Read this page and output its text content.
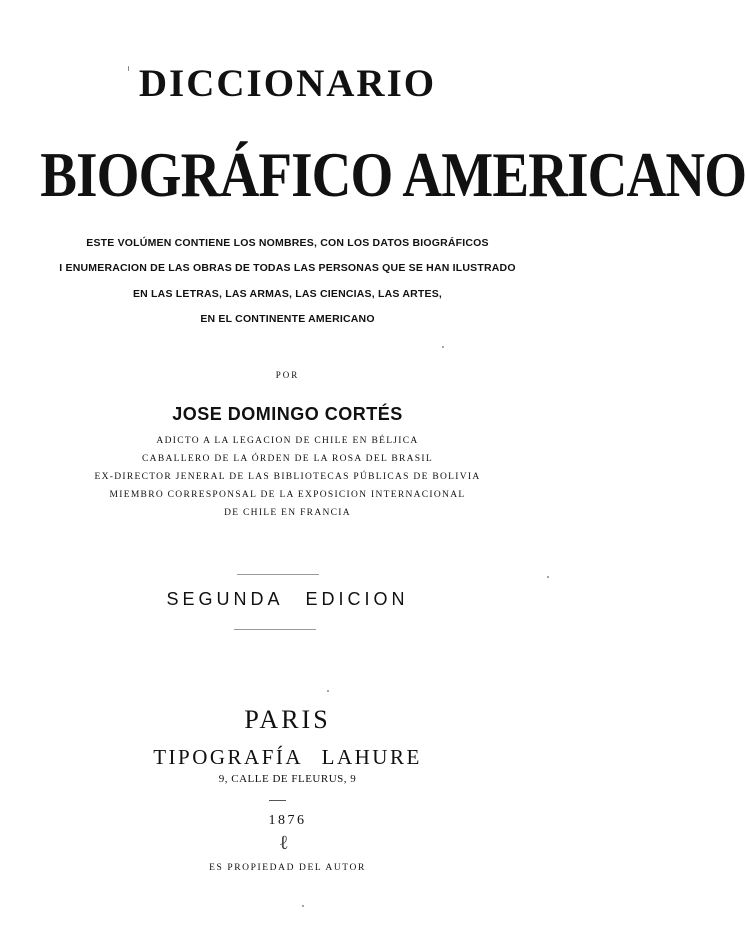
DICCIONARIO
BIOGRÁFICO AMERICANO

ESTE VOLÚMEN CONTIENE LOS NOMBRES, CON LOS DATOS BIOGRÁFICOS

I ENUMERACION DE LAS OBRAS DE TODAS LAS PERSONAS QUE SE HAN ILUSTRADO

EN LAS LETRAS, LAS ARMAS, LAS CIENCIAS, LAS ARTES,

EN EL CONTINENTE AMERICANO

POR

JOSE DOMINGO CORTÉS

ADICTO A LA LEGACION DE CHILE EN BÉLJICA

CABALLERO DE LA ÓRDEN DE LA ROSA DEL BRASIL

EX-DIRECTOR JENERAL DE LAS BIBLIOTECAS PÚBLICAS DE BOLIVIA

MIEMBRO CORRESPONSAL DE LA EXPOSICION INTERNACIONAL

DE CHILE EN FRANCIA

SEGUNDA EDICION

PARIS

TIPOGRAFÍA LAHURE

9, CALLE DE FLEURUS, 9

1876

ℓ

ES PROPIEDAD DEL AUTOR
